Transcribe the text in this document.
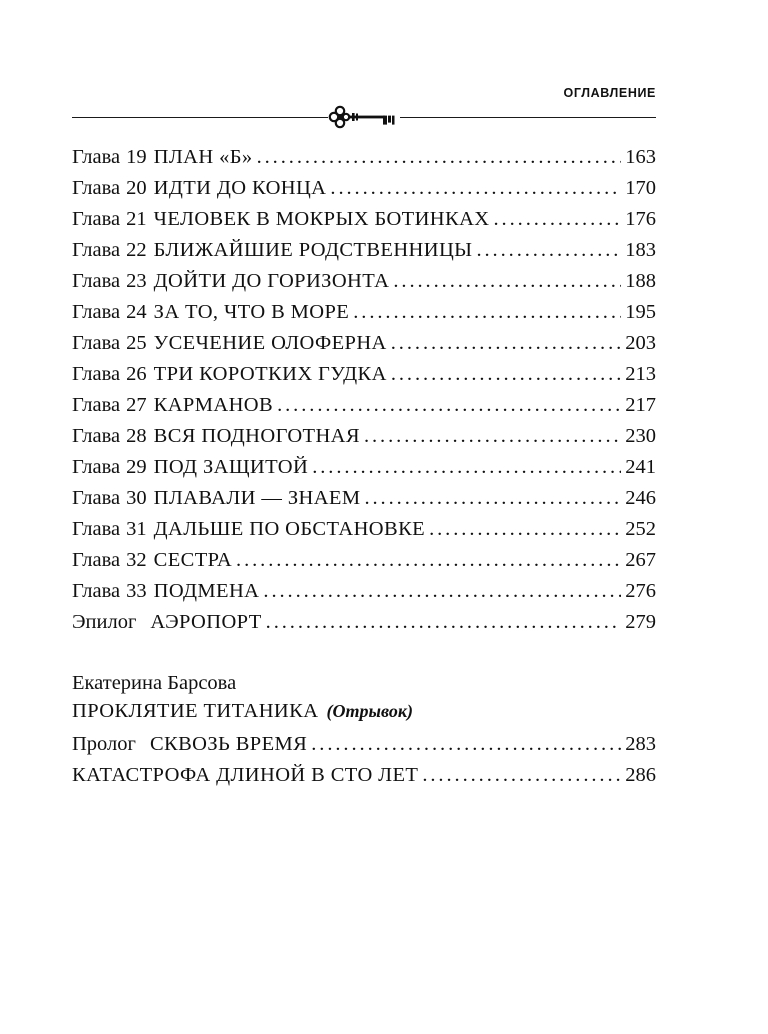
ОГЛАВЛЕНИЕ
Глава 19 ПЛАН «Б» . . .	163
Глава 20 ИДТИ ДО КОНЦА . . .	170
Глава 21 ЧЕЛОВЕК В МОКРЫХ БОТИНКАХ . . .	176
Глава 22 БЛИЖАЙШИЕ РОДСТВЕННИЦЫ . . .	183
Глава 23 ДОЙТИ ДО ГОРИЗОНТА . . .	188
Глава 24 ЗА ТО, ЧТО В МОРЕ . . .	195
Глава 25 УСЕЧЕНИЕ ОЛОФЕРНА . . .	203
Глава 26 ТРИ КОРОТКИХ ГУДКА . . .	213
Глава 27 КАРМАНОВ . . .	217
Глава 28 ВСЯ ПОДНОГОТНАЯ . . .	230
Глава 29 ПОД ЗАЩИТОЙ . . .	241
Глава 30 ПЛАВАЛИ — ЗНАЕМ . . .	246
Глава 31 ДАЛЬШЕ ПО ОБСТАНОВКЕ . . .	252
Глава 32 СЕСТРА . . .	267
Глава 33 ПОДМЕНА . . .	276
Эпилог АЭРОПОРТ . . .	279
Екатерина Барсова
ПРОКЛЯТИЕ ТИТАНИКА (Отрывок)
Пролог СКВОЗЬ ВРЕМЯ . . .	283
КАТАСТРОФА ДЛИНОЙ В СТО ЛЕТ . . .	286
